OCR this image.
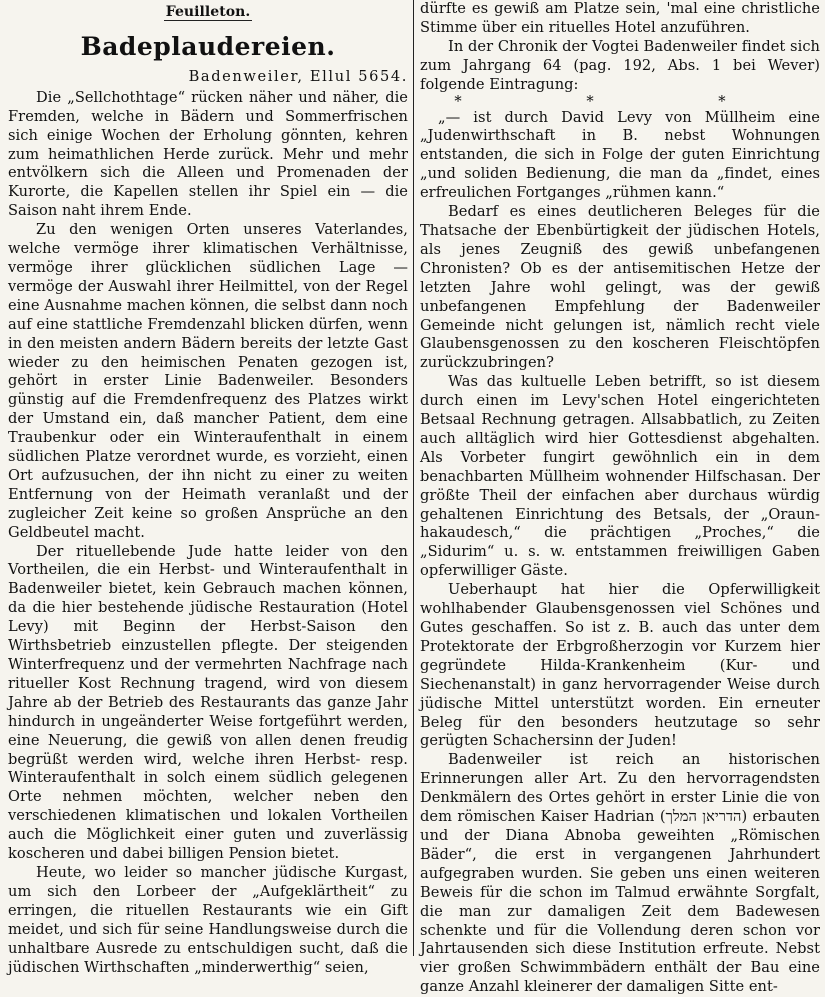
Feuilleton.
Badeplaudereien.
Badenweiler, Ellul 5654.

Die „Sellchothtage“ rücken näher und näher, die Fremden, welche in Bädern und Sommerfrischen sich einige Wochen der Erholung gönnten, kehren zum heimathlichen Herde zurück. Mehr und mehr entvölkern sich die Alleen und Promenaden der Kurorte, die Kapellen stellen ihr Spiel ein — die Saison naht ihrem Ende.

Zu den wenigen Orten unseres Vaterlandes, welche vermöge ihrer klimatischen Verhältnisse, vermöge ihrer glücklichen südlichen Lage — vermöge der Auswahl ihrer Heilmittel, von der Regel eine Ausnahme machen können, die selbst dann noch auf eine stattliche Fremdenzahl blicken dürfen, wenn in den meisten andern Bädern bereits der letzte Gast wieder zu den heimischen Penaten gezogen ist, gehört in erster Linie Badenweiler. Besonders günstig auf die Fremdenfrequenz des Platzes wirkt der Umstand ein, daß mancher Patient, dem eine Traubenkur oder ein Winteraufenthalt in einem südlichen Platze verordnet wurde, es vorzieht, einen Ort aufzusuchen, der ihn nicht zu einer zu weiten Entfernung von der Heimath veranlaßt und der zugleicher Zeit keine so großen Ansprüche an den Geldbeutel macht.

Der rituellebende Jude hatte leider von den Vortheilen, die ein Herbst- und Winteraufenthalt in Badenweiler bietet, kein Gebrauch machen können, da die hier bestehende jüdische Restauration (Hotel Levy) mit Beginn der Herbst-Saison den Wirthsbetrieb einzustellen pflegte. Der steigenden Winterfrequenz und der vermehrten Nachfrage nach ritueller Kost Rechnung tragend, wird von diesem Jahre ab der Betrieb des Restaurants das ganze Jahr hindurch in ungeänderter Weise fortgeführt werden, eine Neuerung, die gewiß von allen denen freudig begrüßt werden wird, welche ihren Herbst- resp. Winteraufenthalt in solch einem südlich gelegenen Orte nehmen möchten, welcher neben den verschiedenen klimatischen und lokalen Vortheilen auch die Möglichkeit einer guten und zuverlässig koscheren und dabei billigen Pension bietet.

Heute, wo leider so mancher jüdische Kurgast, um sich den Lorbeer der „Aufgeklärtheit“ zu erringen, die rituellen Restaurants wie ein Gift meidet, und sich für seine Handlungsweise durch die unhaltbare Ausrede zu entschuldigen sucht, daß die jüdischen Wirthschaften „minderwerthig“ seien,

dürfte es gewiß am Platze sein, 'mal eine christliche Stimme über ein rituelles Hotel anzuführen.

In der Chronik der Vogtei Badenweiler findet sich zum Jahrgang 64 (pag. 192, Abs. 1 bei Wever) folgende Eintragung:

* * *

„— ist durch David Levy von Müllheim eine „Judenwirthschaft in B. nebst Wohnungen entstanden, die sich in Folge der guten Einrichtung „und soliden Bedienung, die man da „findet, eines erfreulichen Fortganges „rühmen kann.“

Bedarf es eines deutlicheren Beleges für die Thatsache der Ebenbürtigkeit der jüdischen Hotels, als jenes Zeugniß des gewiß unbefangenen Chronisten? Ob es der antisemitischen Hetze der letzten Jahre wohl gelingt, was der gewiß unbefangenen Empfehlung der Badenweiler Gemeinde nicht gelungen ist, nämlich recht viele Glaubensgenossen zu den koscheren Fleischtöpfen zurückzubringen?

Was das kultuelle Leben betrifft, so ist diesem durch einen im Levy'schen Hotel eingerichteten Betsaal Rechnung getragen. Allsabbatlich, zu Zeiten auch alltäglich wird hier Gottesdienst abgehalten. Als Vorbeter fungirt gewöhnlich ein in dem benachbarten Müllheim wohnender Hilfschasan. Der größte Theil der einfachen aber durchaus würdig gehaltenen Einrichtung des Betsals, der „Oraun-hakaudesch,“ die prächtigen „Proches,“ die „Sidurim“ u. s. w. entstammen freiwilligen Gaben opferwilliger Gäste.

Ueberhaupt hat hier die Opferwilligkeit wohlhabender Glaubensgenossen viel Schönes und Gutes geschaffen. So ist z. B. auch das unter dem Protektorate der Erbgroßherzogin vor Kurzem hier gegründete Hilda-Krankenheim (Kur- und Siechenanstalt) in ganz hervorragender Weise durch jüdische Mittel unterstützt worden. Ein erneuter Beleg für den besonders heutzutage so sehr gerügten Schachersinn der Juden!

Badenweiler ist reich an historischen Erinnerungen aller Art. Zu den hervorragendsten Denkmälern des Ortes gehört in erster Linie die von dem römischen Kaiser Hadrian (הדריאן המלך) erbauten und der Diana Abnoba geweihten „Römischen Bäder“, die erst in vergangenen Jahrhundert aufgegraben wurden. Sie geben uns einen weiteren Beweis für die schon im Talmud erwähnte Sorgfalt, die man zur damaligen Zeit dem Badewesen schenkte und für die Vollendung deren schon vor Jahrtausenden sich diese Institution erfreute. Nebst vier großen Schwimmbädern enthält der Bau eine ganze Anzahl kleinerer der damaligen Sitte ent-
